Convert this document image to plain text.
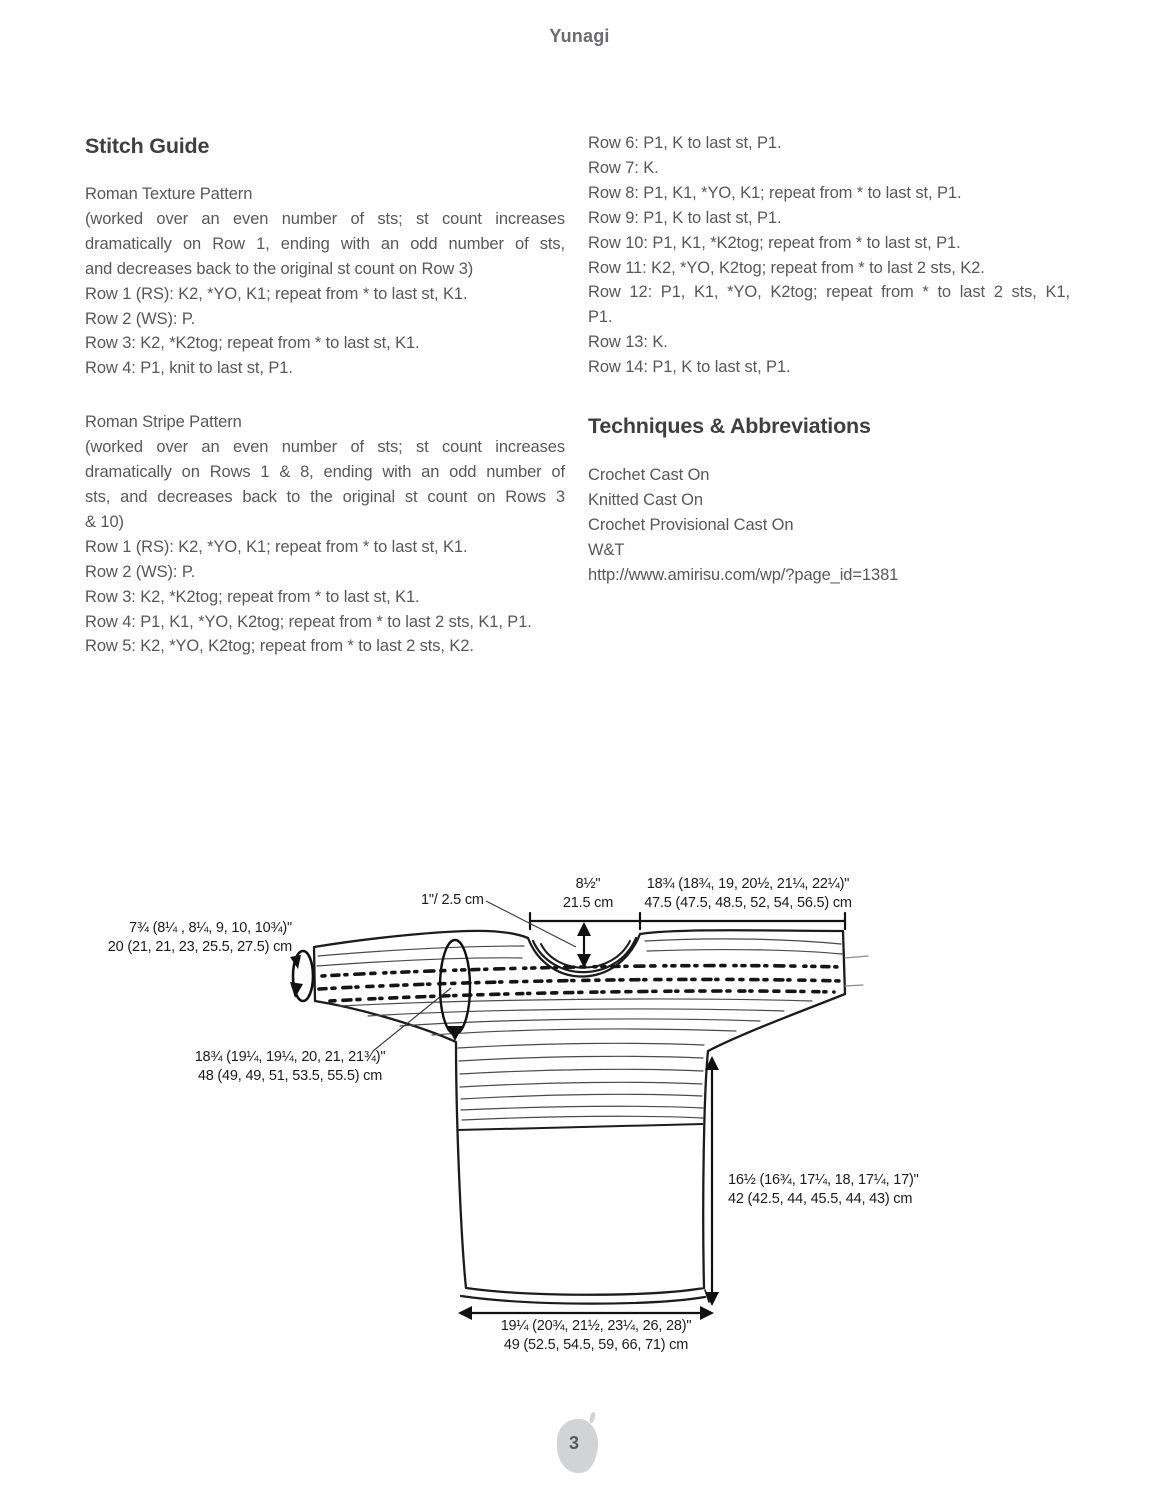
Yunagi
Stitch Guide
Roman Texture Pattern
(worked over an even number of sts; st count increases
dramatically on Row 1, ending with an odd number of sts,
and decreases back to the original st count on Row 3)
Row 1 (RS): K2, *YO, K1; repeat from * to last st, K1.
Row 2 (WS): P.
Row 3: K2, *K2tog; repeat from * to last st, K1.
Row 4: P1, knit to last st, P1.
Roman Stripe Pattern
(worked over an even number of sts; st count increases
dramatically on Rows 1 & 8, ending with an odd number of
sts, and decreases back to the original st count on Rows 3
& 10)
Row 1 (RS): K2, *YO, K1; repeat from * to last st, K1.
Row 2 (WS): P.
Row 3: K2, *K2tog; repeat from * to last st, K1.
Row 4: P1, K1, *YO, K2tog; repeat from * to last 2 sts, K1, P1.
Row 5: K2, *YO, K2tog; repeat from * to last 2 sts, K2.
Row 6: P1, K to last st, P1.
Row 7: K.
Row 8: P1, K1, *YO, K1; repeat from * to last st, P1.
Row 9: P1, K to last st, P1.
Row 10: P1, K1, *K2tog; repeat from * to last st, P1.
Row 11: K2, *YO, K2tog; repeat from * to last 2 sts, K2.
Row 12: P1, K1, *YO, K2tog; repeat from * to last 2 sts, K1,
P1.
Row 13: K.
Row 14: P1, K to last st, P1.
Techniques & Abbreviations
Crochet Cast On
Knitted Cast On
Crochet Provisional Cast On
W&T
http://www.amirisu.com/wp/?page_id=1381
7¾ (8¼ , 8¼, 9, 10, 10¾)"
20 (21, 21, 23, 25.5, 27.5) cm
1"/ 2.5 cm
8½"
21.5 cm
18¾ (18¾, 19, 20½, 21¼, 22¼)"
47.5 (47.5, 48.5, 52, 54, 56.5) cm
18¾ (19¼, 19¼, 20, 21, 21¾)"
48 (49, 49, 51, 53.5, 55.5) cm
16½ (16¾, 17¼, 18, 17¼, 17)"
42 (42.5, 44, 45.5, 44, 43) cm
19¼ (20¾, 21½, 23¼, 26, 28)"
49 (52.5, 54.5, 59, 66, 71) cm
3
